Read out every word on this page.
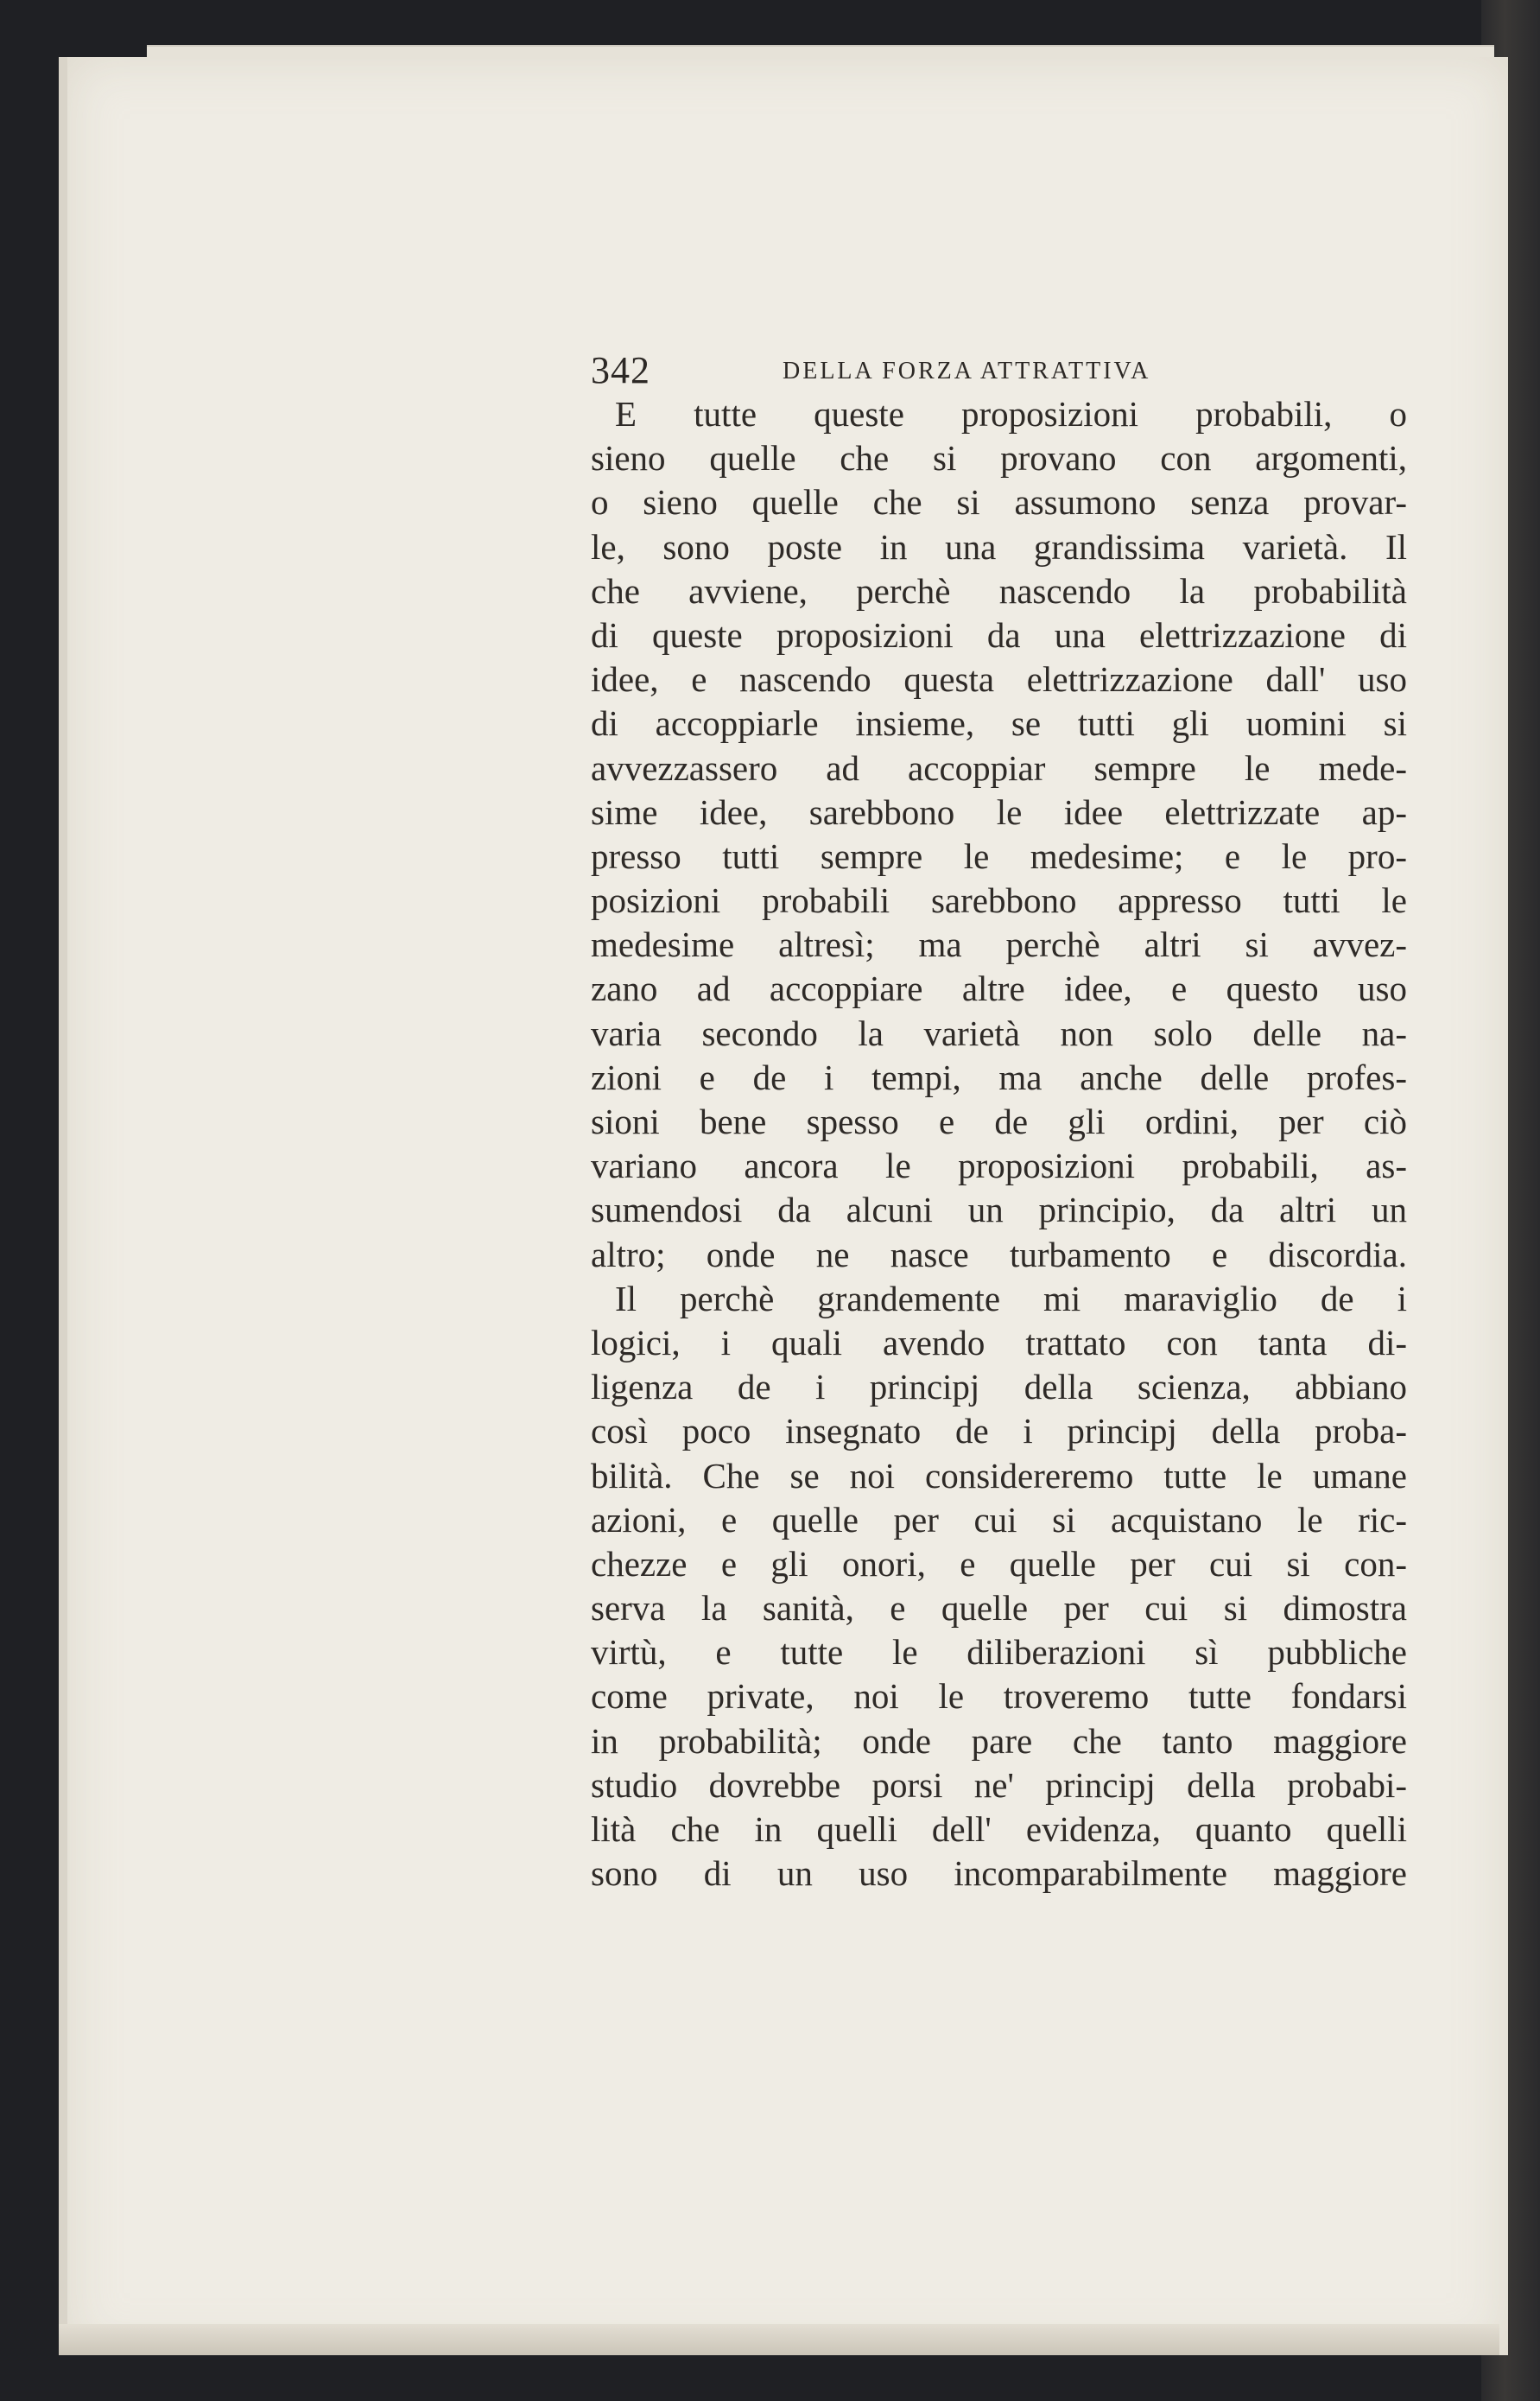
342	DELLA FORZA ATTRATTIVA
E tutte queste proposizioni probabili, o
sieno quelle che si provano con argomenti,
o sieno quelle che si assumono senza provar-
le, sono poste in una grandissima varietà. Il
che avviene, perchè nascendo la probabilità
di queste proposizioni da una elettrizzazione di
idee, e nascendo questa elettrizzazione dall' uso
di accoppiarle insieme, se tutti gli uomini si
avvezzassero ad accoppiar sempre le mede-
sime idee, sarebbono le idee elettrizzate ap-
presso tutti sempre le medesime; e le pro-
posizioni probabili sarebbono appresso tutti le
medesime altresì; ma perchè altri si avvez-
zano ad accoppiare altre idee, e questo uso
varia secondo la varietà non solo delle na-
zioni e de i tempi, ma anche delle profes-
sioni bene spesso e de gli ordini, per ciò
variano ancora le proposizioni probabili, as-
sumendosi da alcuni un principio, da altri un
altro; onde ne nasce turbamento e discordia.
Il perchè grandemente mi maraviglio de i
logici, i quali avendo trattato con tanta di-
ligenza de i principj della scienza, abbiano
così poco insegnato de i principj della proba-
bilità. Che se noi considereremo tutte le umane
azioni, e quelle per cui si acquistano le ric-
chezze e gli onori, e quelle per cui si con-
serva la sanità, e quelle per cui si dimostra
virtù, e tutte le diliberazioni sì pubbliche
come private, noi le troveremo tutte fondarsi
in probabilità; onde pare che tanto maggiore
studio dovrebbe porsi ne' principj della probabi-
lità che in quelli dell' evidenza, quanto quelli
sono di un uso incomparabilmente maggiore
